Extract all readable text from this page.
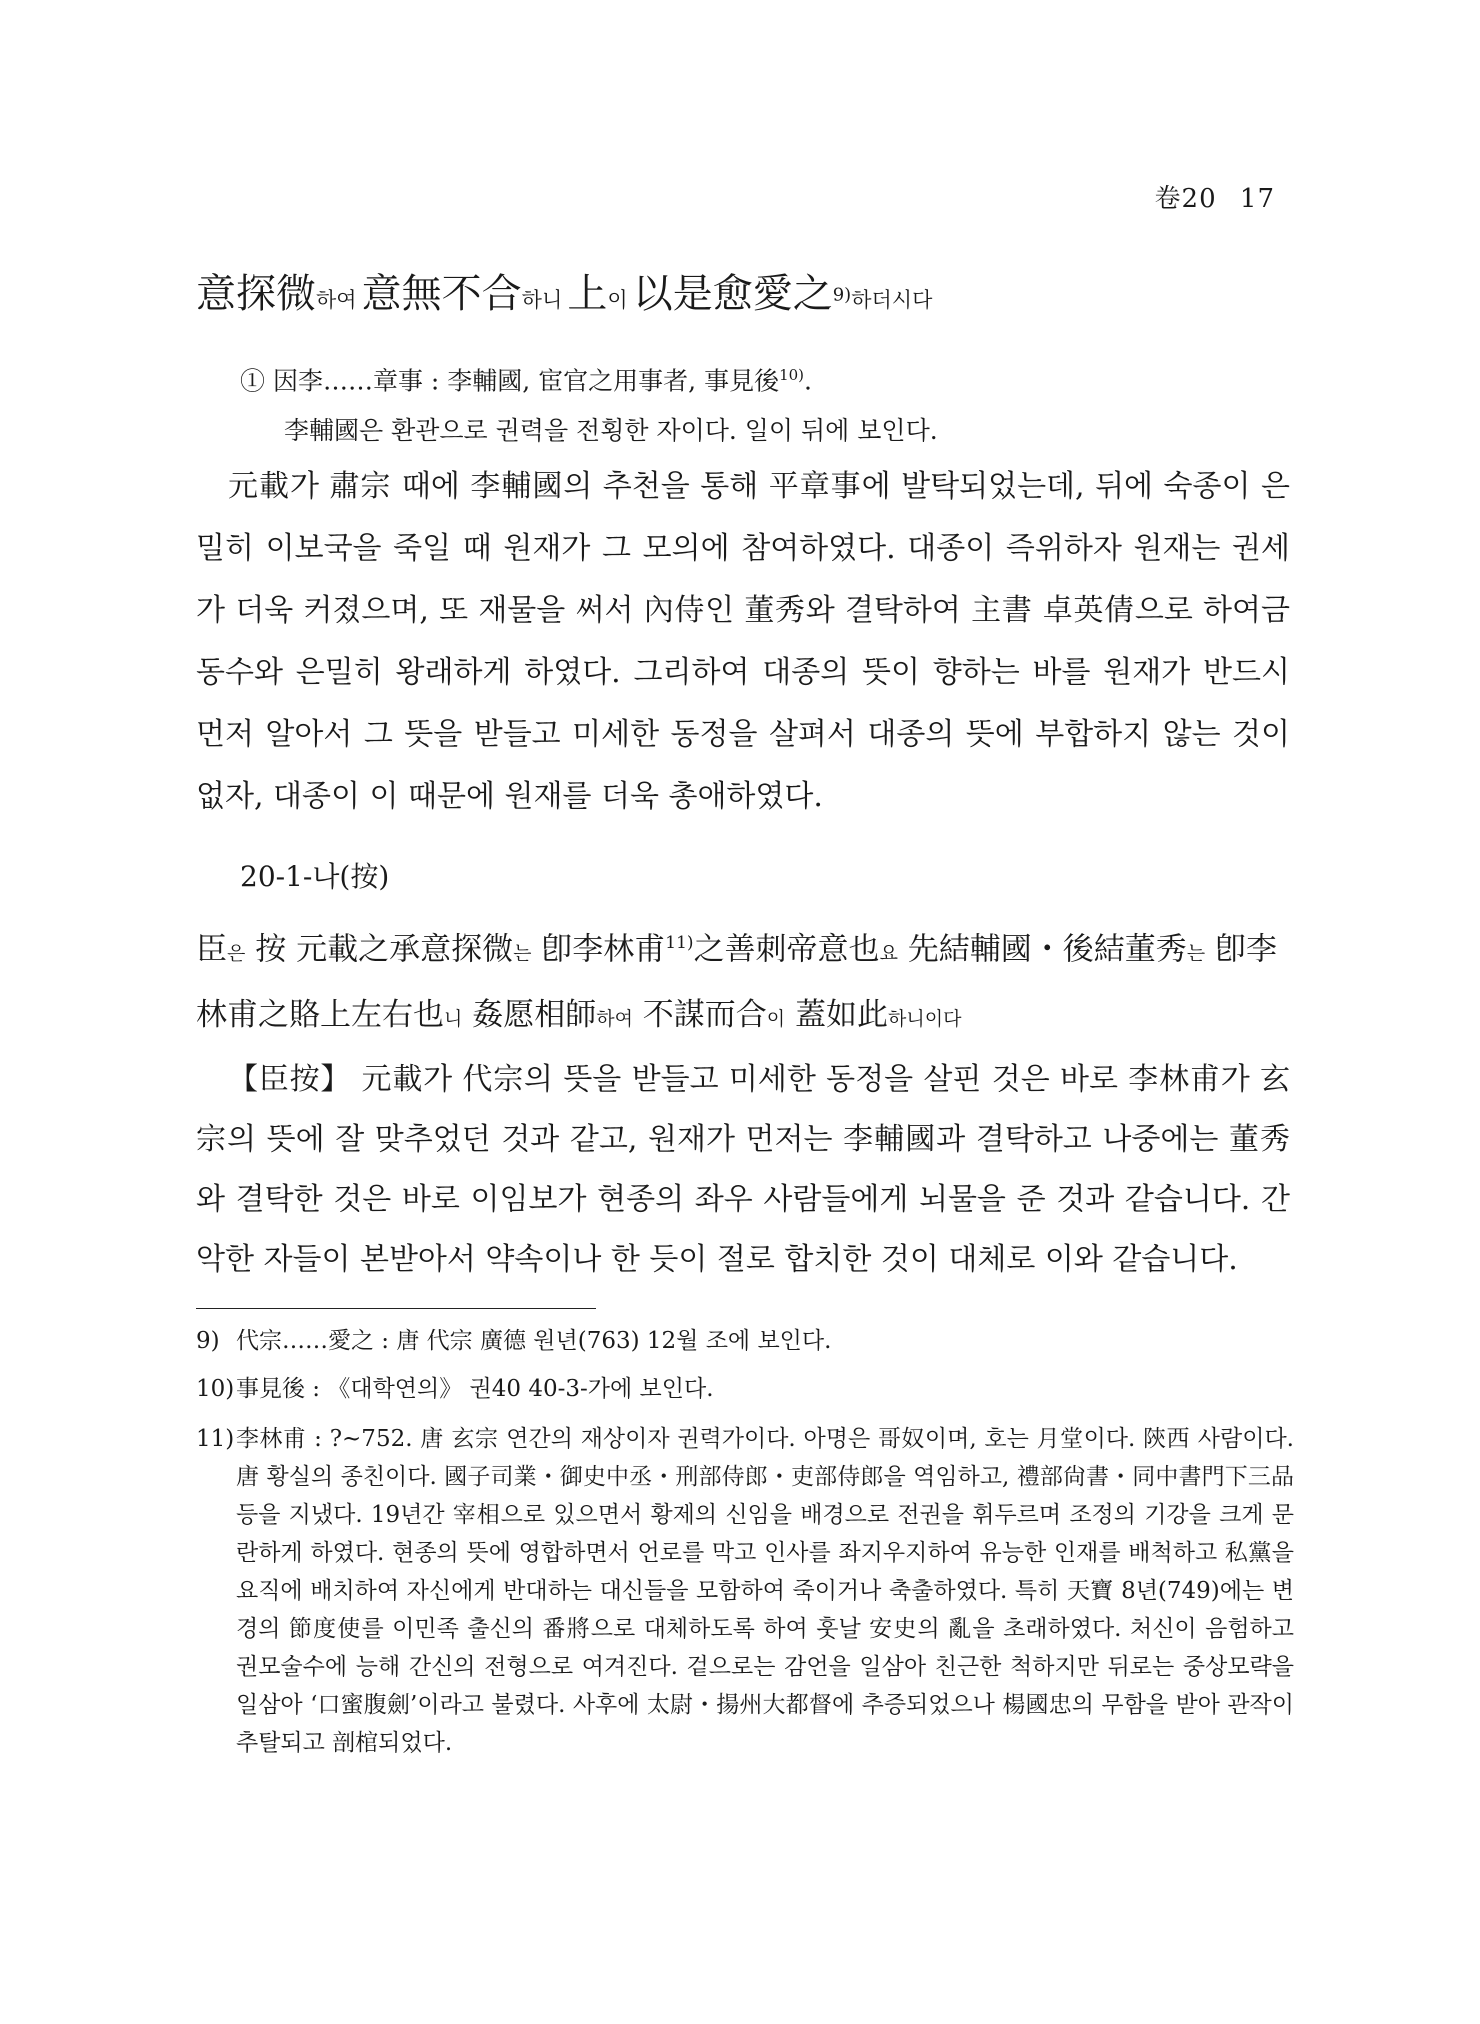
卷20 17
意探微하여 意無不合하니 上이 以是愈愛之$^{9)}$하더시다
① 因李……章事 : 李輔國, 宦官之用事者, 事見後$^{10)}$.
李輔國은 환관으로 권력을 전횡한 자이다. 일이 뒤에 보인다.

元載가 肅宗 때에 李輔國의 추천을 통해 平章事에 발탁되었는데, 뒤에 숙종이 은밀히 이보국을 죽일 때 원재가 그 모의에 참여하였다. 대종이 즉위하자 원재는 권세가 더욱 커졌으며, 또 재물을 써서 內侍인 董秀와 결탁하여 主書 卓英倩으로 하여금 동수와 은밀히 왕래하게 하였다. 그리하여 대종의 뜻이 향하는 바를 원재가 반드시 먼저 알아서 그 뜻을 받들고 미세한 동정을 살펴서 대종의 뜻에 부합하지 않는 것이 없자, 대종이 이 때문에 원재를 더욱 총애하였다.

20-1-나(按)
臣은 按 元載之承意探微는 卽李林甫$^{11)}$之善刺帝意也요 先結輔國・後結董秀는 卽李林甫之賂上左右也니 姦愿相師하여 不謀而合이 蓋如此하니이다

【臣按】 元載가 代宗의 뜻을 받들고 미세한 동정을 살핀 것은 바로 李林甫가 玄宗의 뜻에 잘 맞추었던 것과 같고, 원재가 먼저는 李輔國과 결탁하고 나중에는 董秀와 결탁한 것은 바로 이임보가 현종의 좌우 사람들에게 뇌물을 준 것과 같습니다. 간악한 자들이 본받아서 약속이나 한 듯이 절로 합치한 것이 대체로 이와 같습니다.

9) 代宗……愛之 : 唐 代宗 廣德 원년(763) 12월 조에 보인다.
10) 事見後 : 《대학연의》 권40 40-3-가에 보인다.
11) 李林甫 : ?~752. 唐 玄宗 연간의 재상이자 권력가이다. 아명은 哥奴이며, 호는 月堂이다. 陝西 사람이다. 唐 황실의 종친이다. 國子司業・御史中丞・刑部侍郎・吏部侍郎을 역임하고, 禮部尙書・同中書門下三品 등을 지냈다. 19년간 宰相으로 있으면서 황제의 신임을 배경으로 전권을 휘두르며 조정의 기강을 크게 문란하게 하였다. 현종의 뜻에 영합하면서 언로를 막고 인사를 좌지우지하여 유능한 인재를 배척하고 私黨을 요직에 배치하여 자신에게 반대하는 대신들을 모함하여 죽이거나 축출하였다. 특히 天寶 8년(749)에는 변경의 節度使를 이민족 출신의 番將으로 대체하도록 하여 훗날 安史의 亂을 초래하였다. 처신이 음험하고 권모술수에 능해 간신의 전형으로 여겨진다. 겉으로는 감언을 일삼아 친근한 척하지만 뒤로는 중상모략을 일삼아 ‘口蜜腹劍’이라고 불렸다. 사후에 太尉・揚州大都督에 추증되었으나 楊國忠의 무함을 받아 관작이 추탈되고 剖棺되었다.
